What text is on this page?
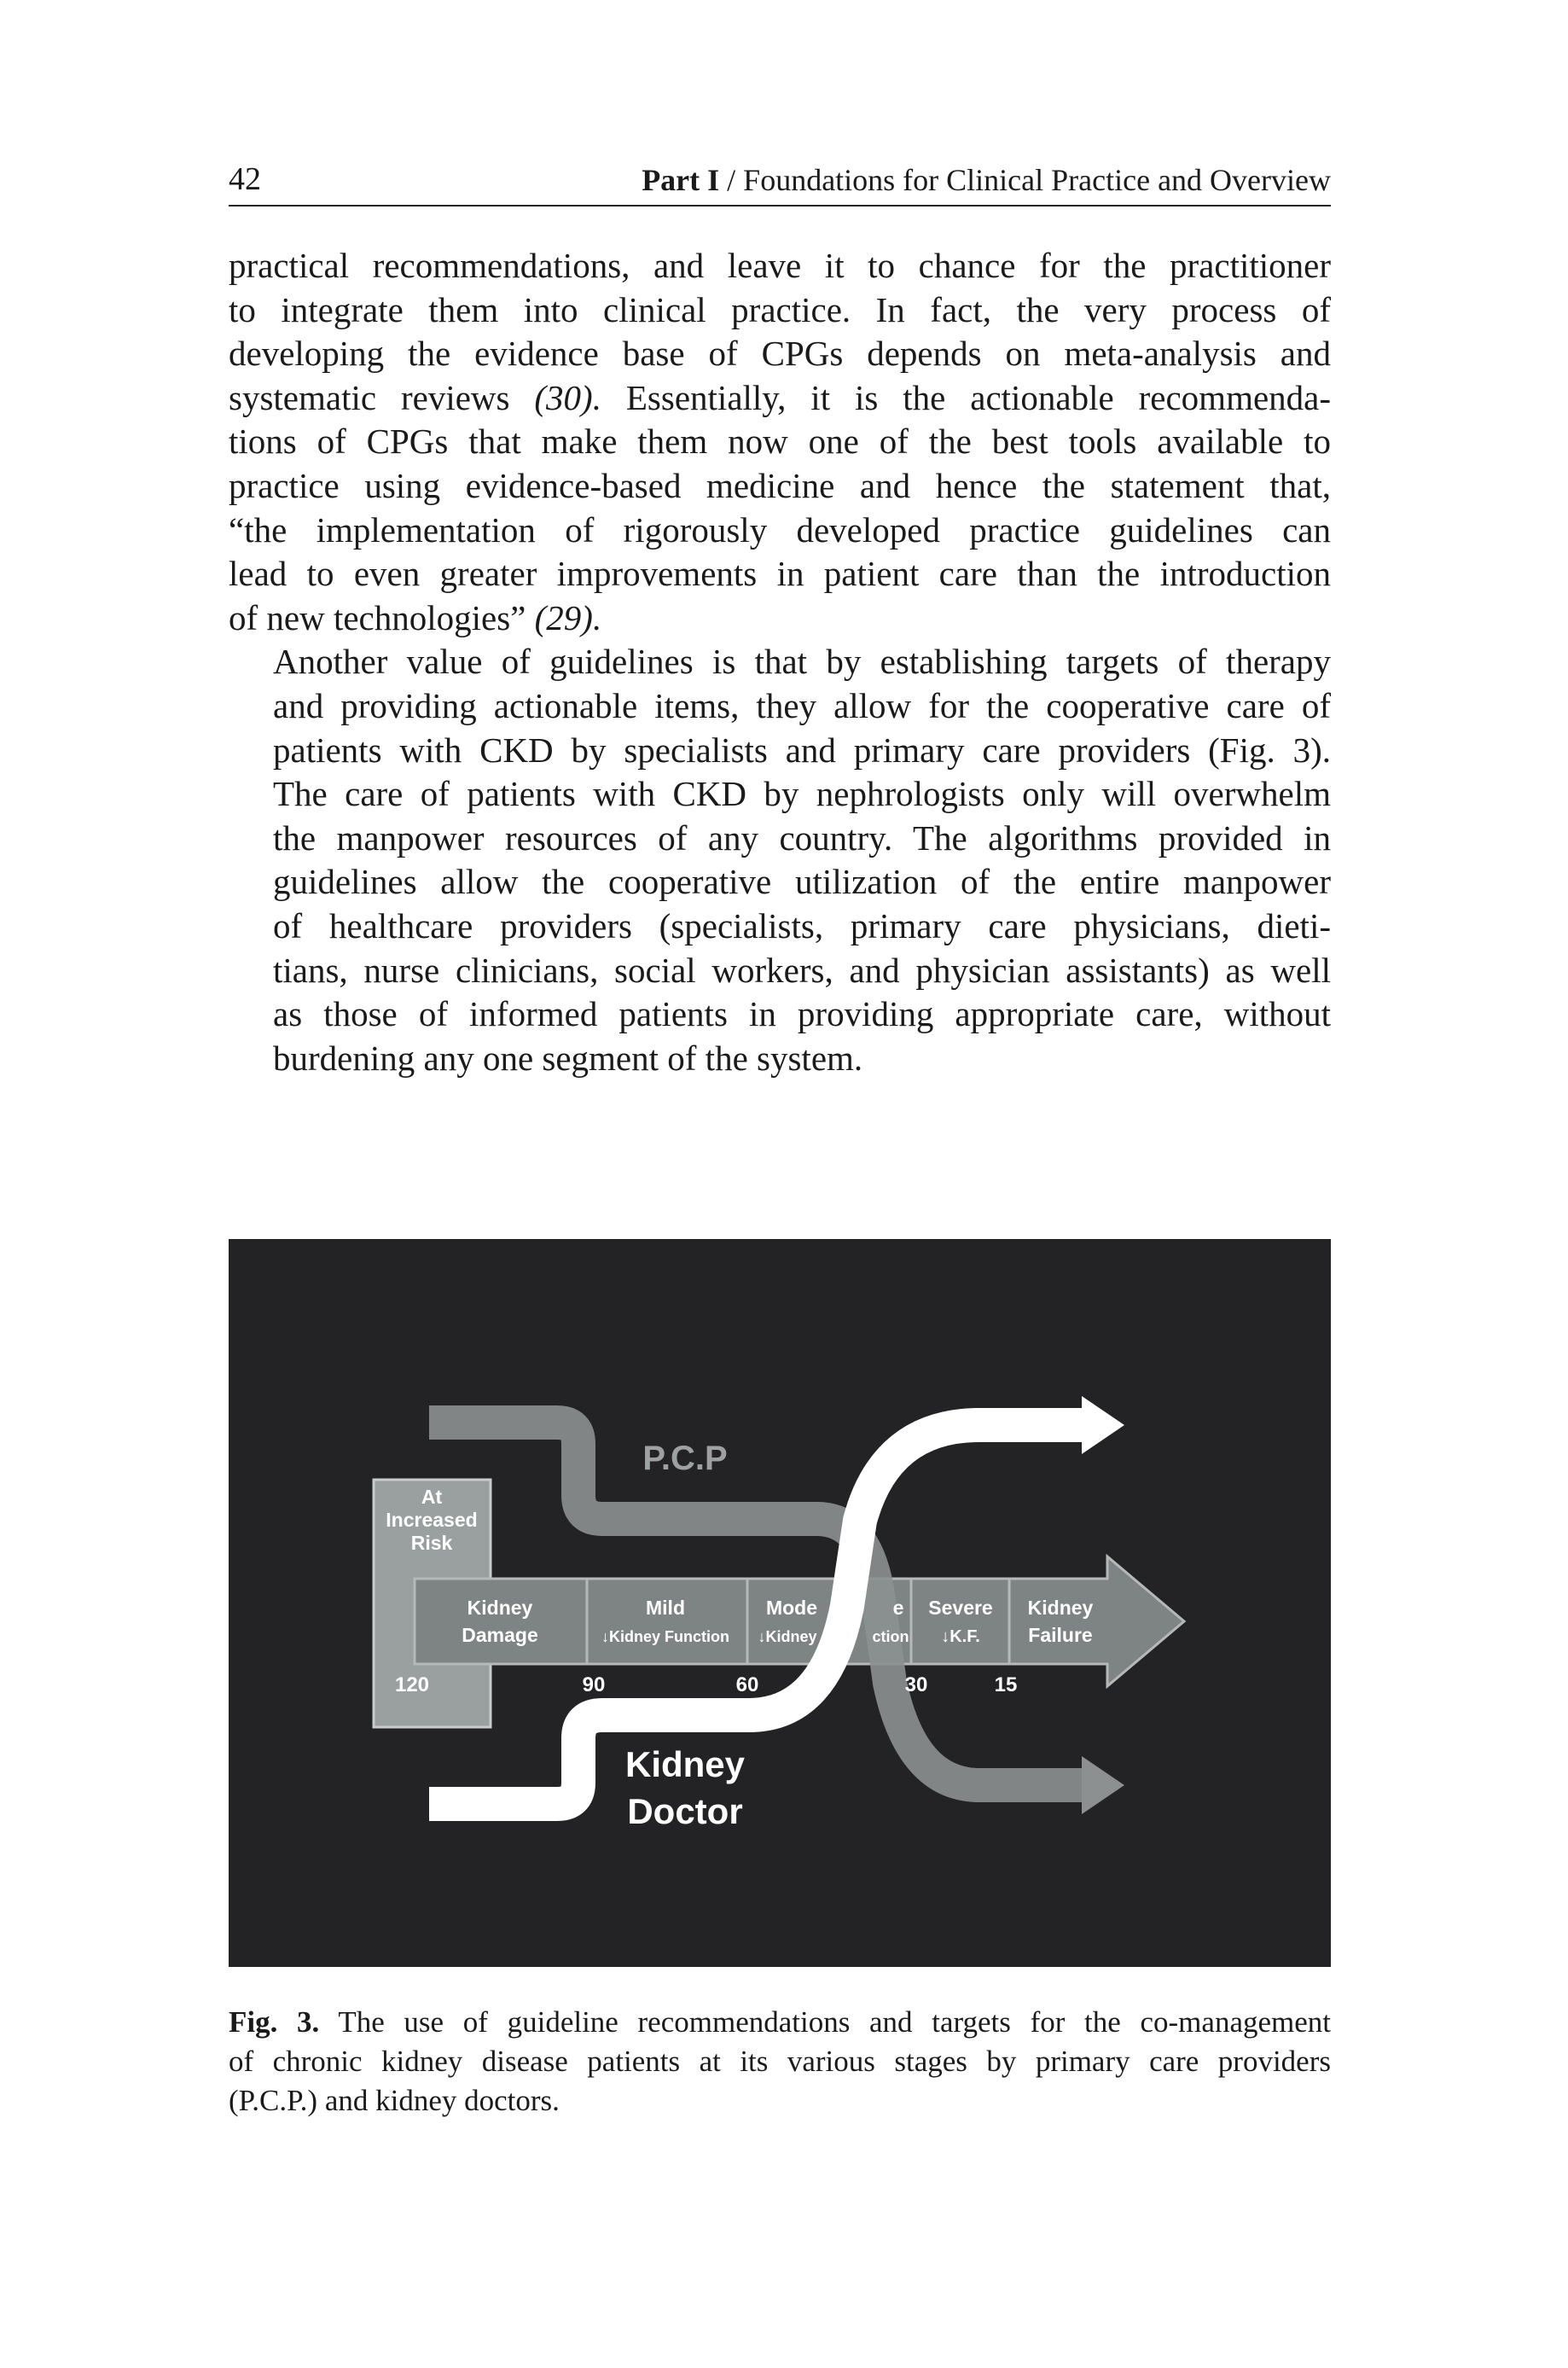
42	Part I / Foundations for Clinical Practice and Overview

practical recommendations, and leave it to chance for the practitioner
to integrate them into clinical practice. In fact, the very process of
developing the evidence base of CPGs depends on meta-analysis and
systematic reviews (30). Essentially, it is the actionable recommenda-
tions of CPGs that make them now one of the best tools available to
practice using evidence-based medicine and hence the statement that,
“the implementation of rigorously developed practice guidelines can
lead to even greater improvements in patient care than the introduction
of new technologies” (29).

Another value of guidelines is that by establishing targets of therapy
and providing actionable items, they allow for the cooperative care of
patients with CKD by specialists and primary care providers (Fig. 3).
The care of patients with CKD by nephrologists only will overwhelm
the manpower resources of any country. The algorithms provided in
guidelines allow the cooperative utilization of the entire manpower
of healthcare providers (specialists, primary care physicians, dieti-
tians, nurse clinicians, social workers, and physician assistants) as well
as those of informed patients in providing appropriate care, without
burdening any one segment of the system.

At
Increased
Risk
Kidney
Damage
Mild
↓Kidney Function
Mode
↓Kidney
e
ction
Severe
↓K.F.
Kidney
Failure
120	90	60	30	15
P.C.P
Kidney
Doctor
Fig. 3. The use of guideline recommendations and targets for the co-management
of chronic kidney disease patients at its various stages by primary care providers
(P.C.P.) and kidney doctors.
